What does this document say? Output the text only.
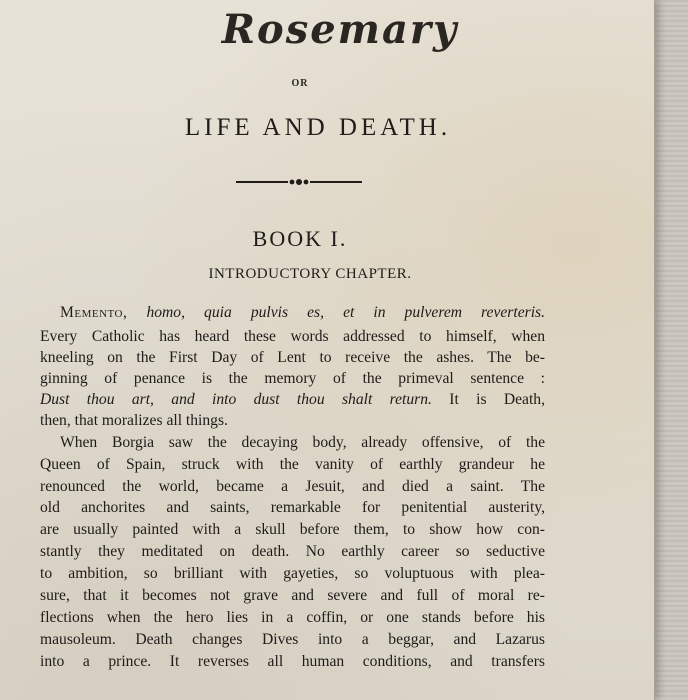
Rosemary
OR
LIFE AND DEATH.
BOOK I.
INTRODUCTORY CHAPTER.
Memento, homo, quia pulvis es, et in pulverem reverteris.
Every Catholic has heard these words addressed to himself, when
kneeling on the First Day of Lent to receive the ashes. The be-
ginning of penance is the memory of the primeval sentence :
Dust thou art, and into dust thou shalt return. It is Death,
then, that moralizes all things.
When Borgia saw the decaying body, already offensive, of the
Queen of Spain, struck with the vanity of earthly grandeur he
renounced the world, became a Jesuit, and died a saint. The
old anchorites and saints, remarkable for penitential austerity,
are usually painted with a skull before them, to show how con-
stantly they meditated on death. No earthly career so seductive
to ambition, so brilliant with gayeties, so voluptuous with plea-
sure, that it becomes not grave and severe and full of moral re-
flections when the hero lies in a coffin, or one stands before his
mausoleum. Death changes Dives into a beggar, and Lazarus
into a prince. It reverses all human conditions, and transfers
